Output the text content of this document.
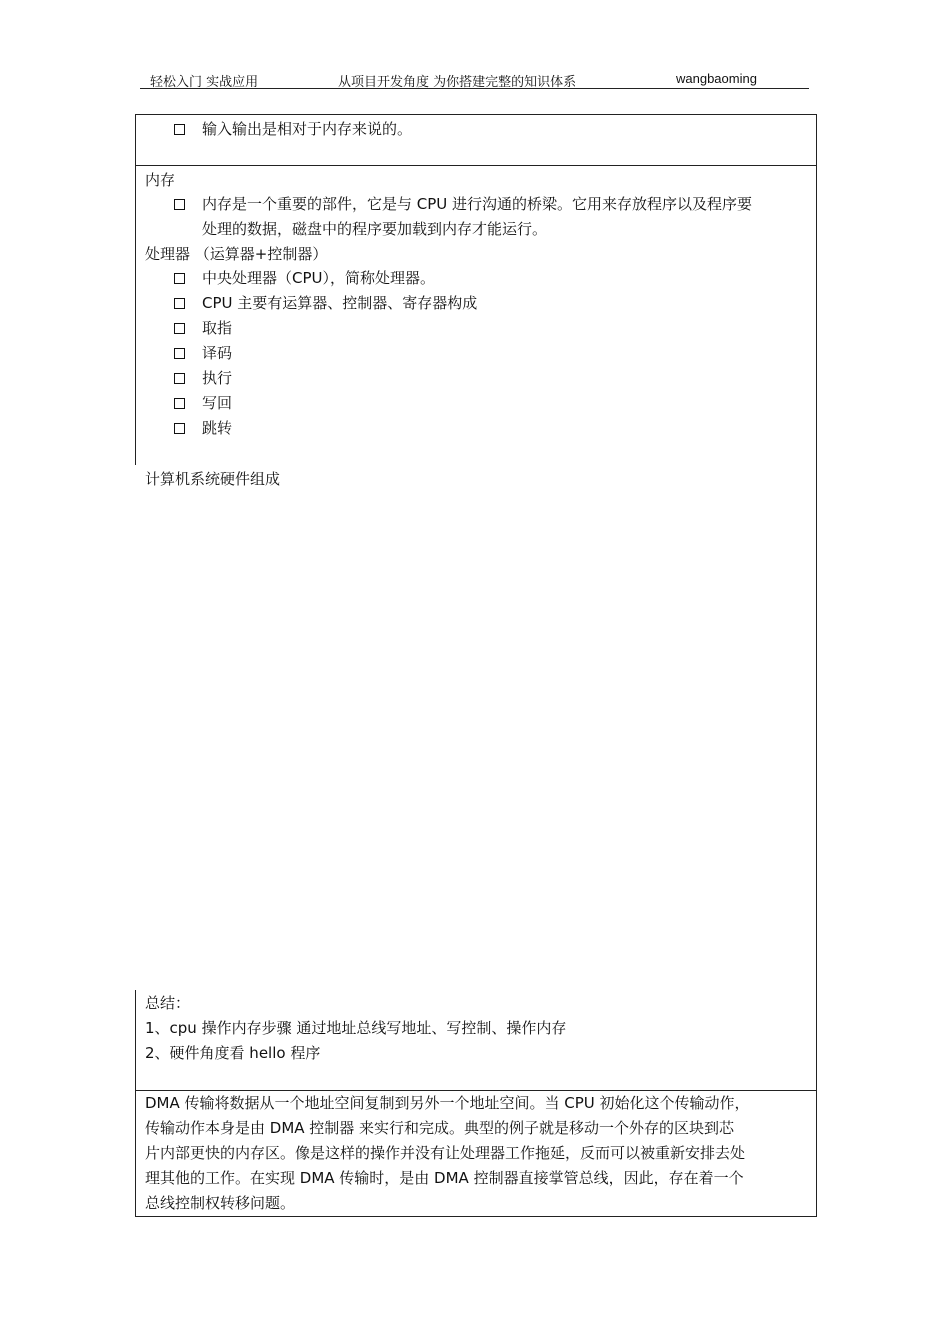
轻松入门 实战应用	从项目开发角度 为你搭建完整的知识体系	wangbaoming
输入输出是相对于内存来说的。
内存
内存是一个重要的部件，它是与 CPU 进行沟通的桥梁。它用来存放程序以及程序要
处理的数据，磁盘中的程序要加载到内存才能运行。
处理器 （运算器+控制器）
中央处理器（CPU），简称处理器。
CPU 主要有运算器、控制器、寄存器构成
取指
译码
执行
写回
跳转
计算机系统硬件组成
总结：
1、cpu 操作内存步骤 通过地址总线写地址、写控制、操作内存
2、硬件角度看 hello 程序
DMA 传输将数据从一个地址空间复制到另外一个地址空间。当 CPU 初始化这个传输动作，
传输动作本身是由 DMA 控制器 来实行和完成。典型的例子就是移动一个外存的区块到芯
片内部更快的内存区。像是这样的操作并没有让处理器工作拖延，反而可以被重新安排去处
理其他的工作。在实现 DMA 传输时，是由 DMA 控制器直接掌管总线，因此，存在着一个
总线控制权转移问题。
